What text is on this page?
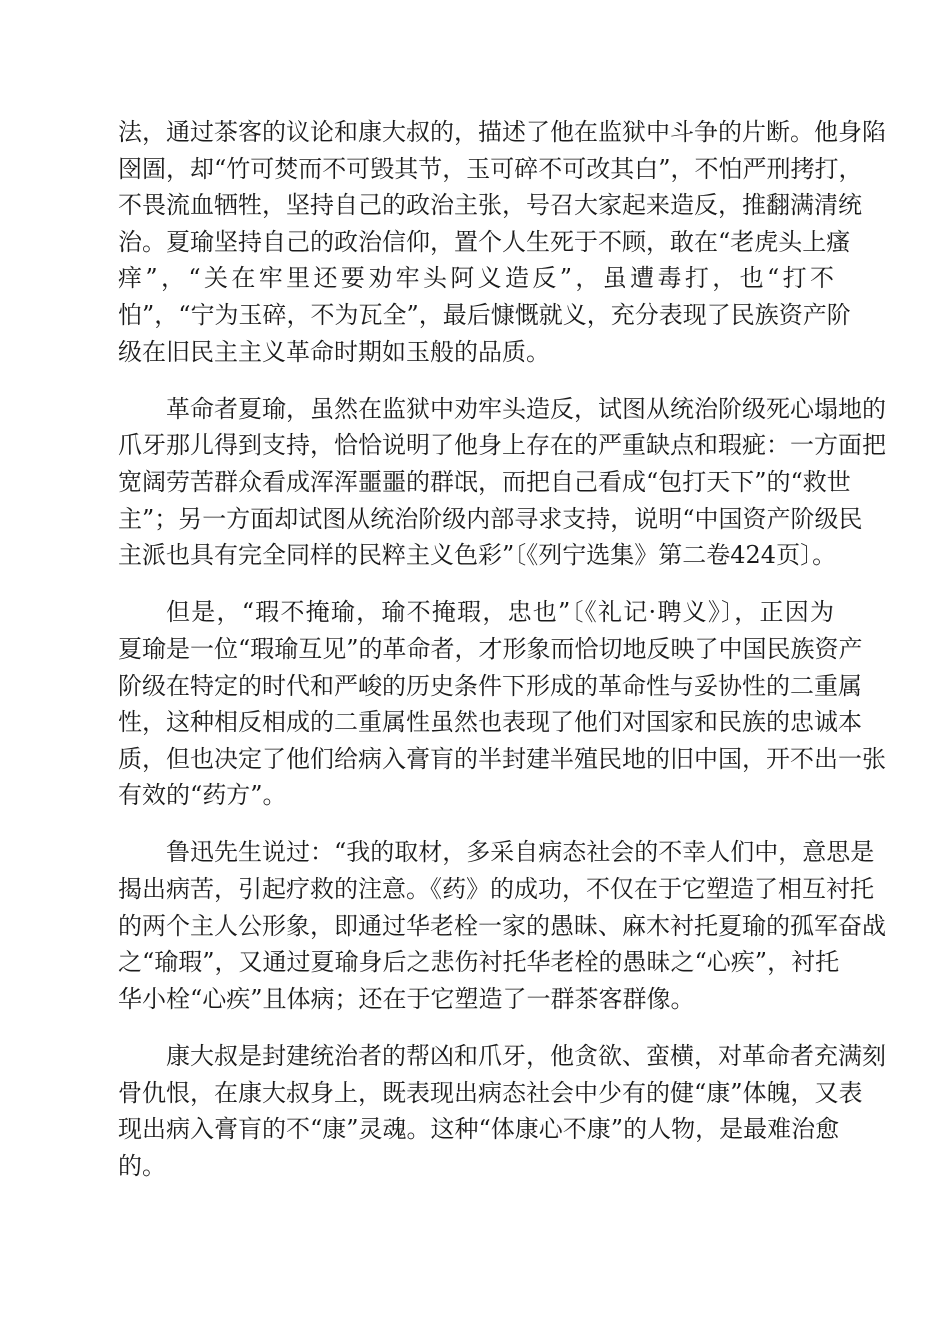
法，通过茶客的议论和康大叔的，描述了他在监狱中斗争的片断。他身陷
囹圄，却“竹可焚而不可毁其节，玉可碎不可改其白”，不怕严刑拷打，
不畏流血牺牲，坚持自己的政治主张，号召大家起来造反，推翻满清统
治。夏瑜坚持自己的政治信仰，置个人生死于不顾，敢在“老虎头上瘙
痒”，“关在牢里还要劝牢头阿义造反”，虽遭毒打，也“打不
怕”，“宁为玉碎，不为瓦全”，最后慷慨就义，充分表现了民族资产阶
级在旧民主主义革命时期如玉般的品质。
革命者夏瑜，虽然在监狱中劝牢头造反，试图从统治阶级死心塌地的
爪牙那儿得到支持，恰恰说明了他身上存在的严重缺点和瑕疵：一方面把
宽阔劳苦群众看成浑浑噩噩的群氓，而把自己看成“包打天下”的“救世
主”；另一方面却试图从统治阶级内部寻求支持，说明“中国资产阶级民
主派也具有完全同样的民粹主义色彩”〔《列宁选集》第二卷424页〕。
但是，“瑕不掩瑜，瑜不掩瑕，忠也”〔《礼记·聘义》〕，正因为
夏瑜是一位“瑕瑜互见”的革命者，才形象而恰切地反映了中国民族资产
阶级在特定的时代和严峻的历史条件下形成的革命性与妥协性的二重属
性，这种相反相成的二重属性虽然也表现了他们对国家和民族的忠诚本
质，但也决定了他们给病入膏肓的半封建半殖民地的旧中国，开不出一张
有效的“药方”。
鲁迅先生说过：“我的取材，多采自病态社会的不幸人们中，意思是
揭出病苦，引起疗救的注意。《药》的成功，不仅在于它塑造了相互衬托
的两个主人公形象，即通过华老栓一家的愚昧、麻木衬托夏瑜的孤军奋战
之“瑜瑕”，又通过夏瑜身后之悲伤衬托华老栓的愚昧之“心疾”，衬托
华小栓“心疾”且体病；还在于它塑造了一群茶客群像。
康大叔是封建统治者的帮凶和爪牙，他贪欲、蛮横，对革命者充满刻
骨仇恨，在康大叔身上，既表现出病态社会中少有的健“康”体魄，又表
现出病入膏肓的不“康”灵魂。这种“体康心不康”的人物，是最难治愈
的。
